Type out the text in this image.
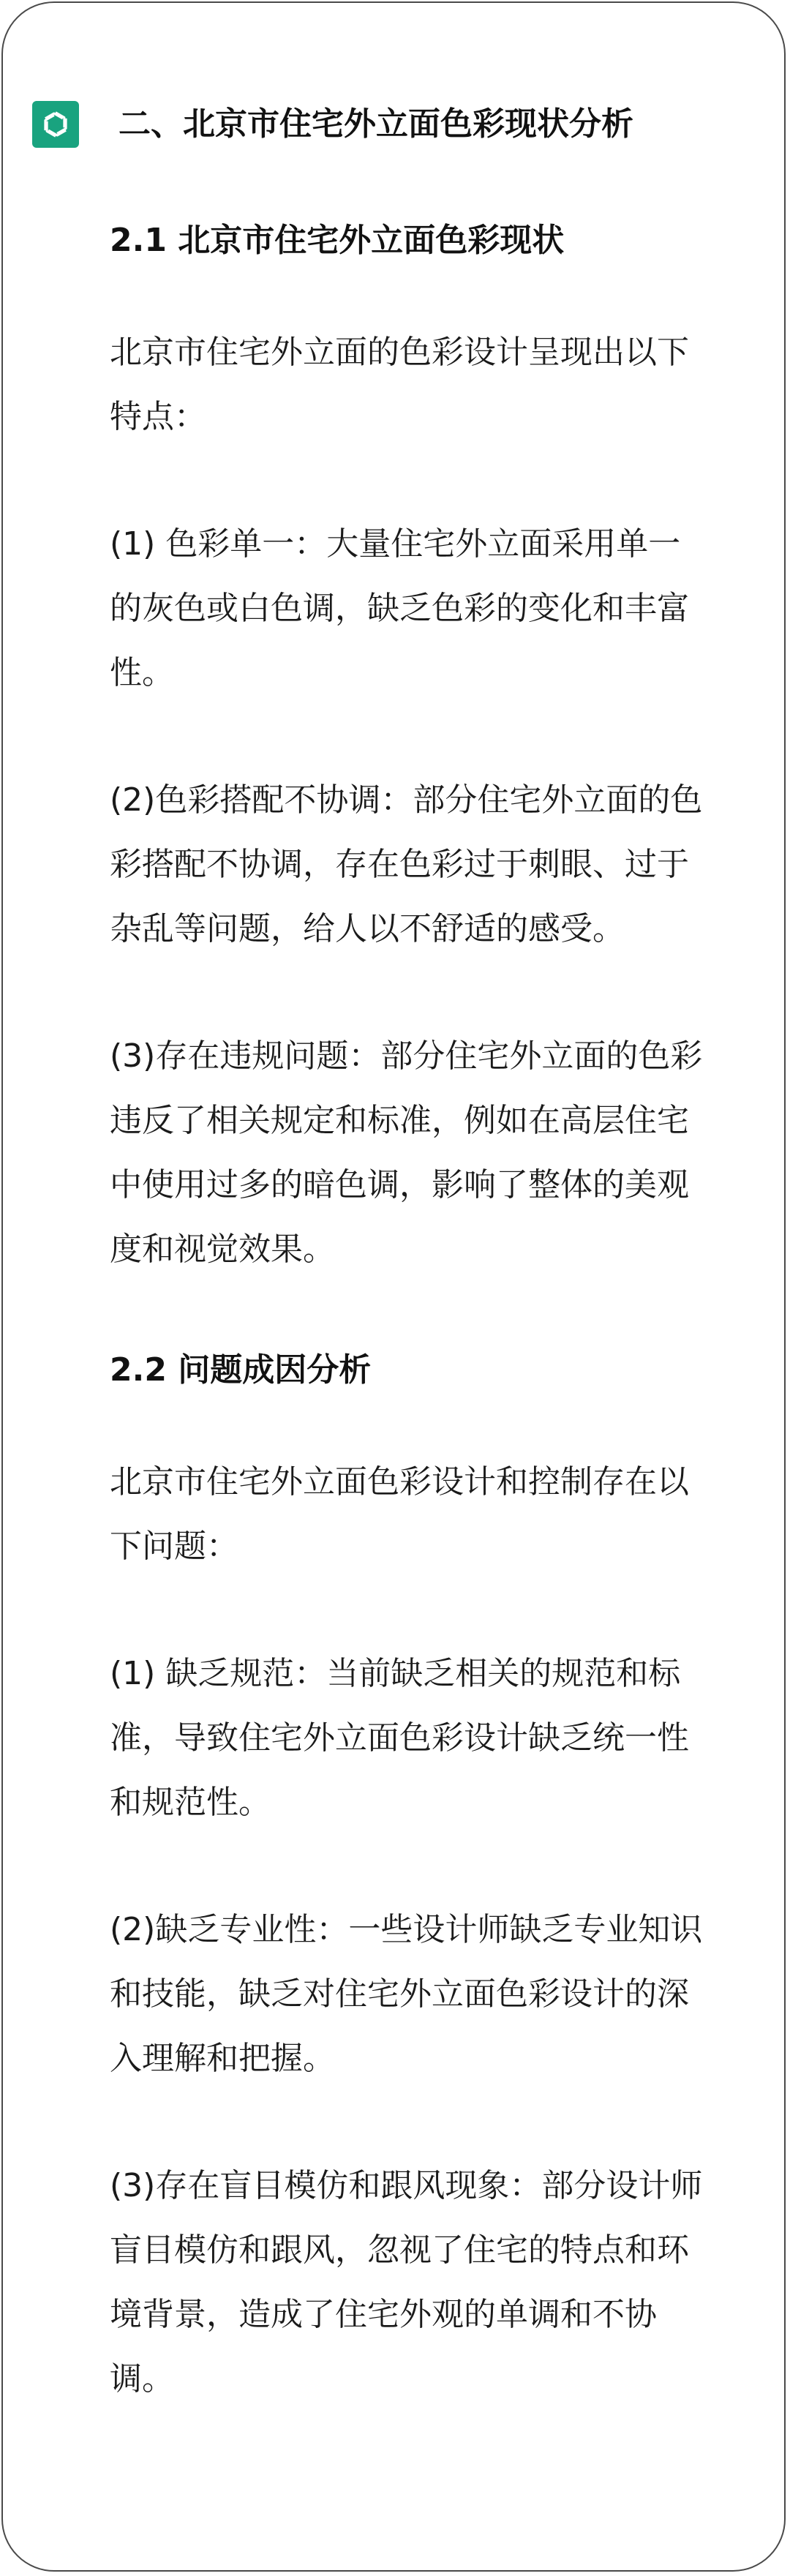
二、北京市住宅外立面色彩现状分析

2.1 北京市住宅外立面色彩现状

北京市住宅外立面的色彩设计呈现出以下特点：

(1) 色彩单一：大量住宅外立面采用单一的灰色或白色调，缺乏色彩的变化和丰富性。

(2)色彩搭配不协调：部分住宅外立面的色彩搭配不协调，存在色彩过于刺眼、过于杂乱等问题，给人以不舒适的感受。

(3)存在违规问题：部分住宅外立面的色彩违反了相关规定和标准，例如在高层住宅中使用过多的暗色调，影响了整体的美观度和视觉效果。

2.2 问题成因分析

北京市住宅外立面色彩设计和控制存在以下问题：

(1) 缺乏规范：当前缺乏相关的规范和标准，导致住宅外立面色彩设计缺乏统一性和规范性。

(2)缺乏专业性：一些设计师缺乏专业知识和技能，缺乏对住宅外立面色彩设计的深入理解和把握。

(3)存在盲目模仿和跟风现象：部分设计师盲目模仿和跟风，忽视了住宅的特点和环境背景，造成了住宅外观的单调和不协调。
